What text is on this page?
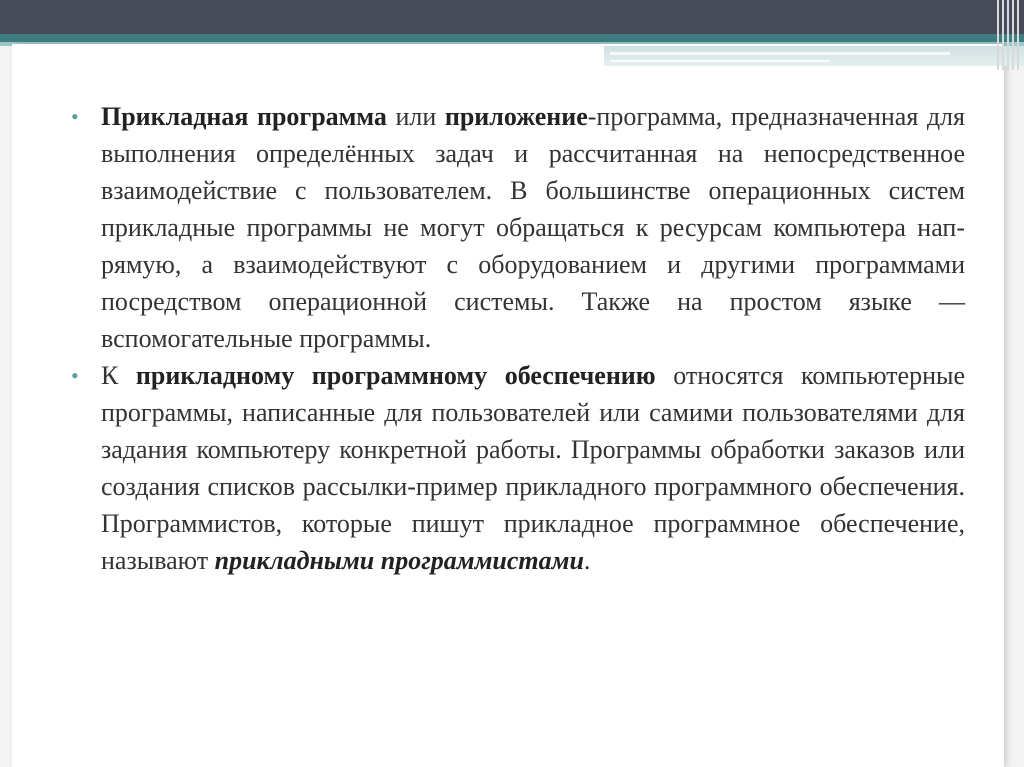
• Прикладная программа или приложение-программа, предназначенная для выполнения определённых задач и рассчитанная на непосредственное взаимодействие с пользователем. В большинстве операционных систем прикладные программы не могут обращаться к ресурсам компьютера напрямую, а взаимодействуют с оборудованием и другими программами посредством операционной системы. Также на простом языке — вспомогательные программы.

• К прикладному программному обеспечению относятся компьютерные программы, написанные для пользователей или самими пользователями для задания компьютеру конкретной работы. Программы обработки заказов или создания списков рассылки-пример прикладного программного обеспечения. Программистов, которые пишут прикладное программное обеспечение, называют прикладными программистами.
